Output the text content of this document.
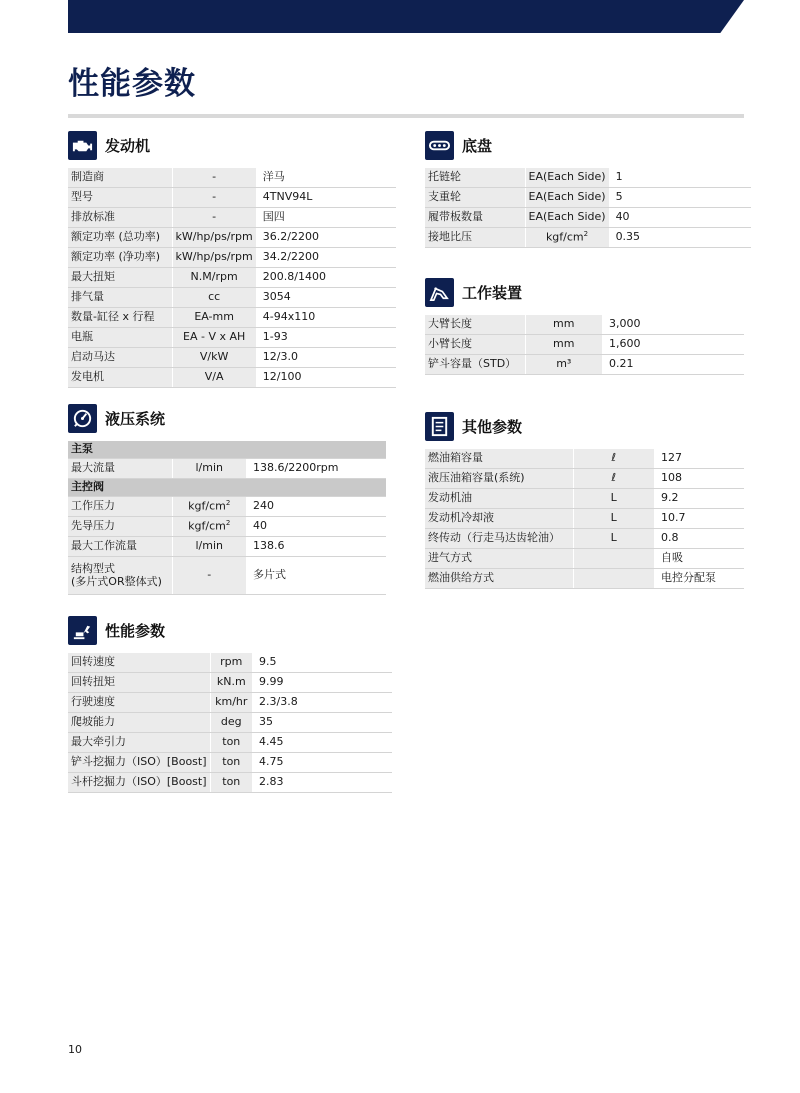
性能参数
发动机
制造商	-	洋马
型号	-	4TNV94L
排放标准	-	国四
额定功率 (总功率)	kW/hp/ps/rpm	36.2/2200
额定功率 (净功率)	kW/hp/ps/rpm	34.2/2200
最大扭矩	N.M/rpm	200.8/1400
排气量	cc	3054
数量-缸径 x 行程	EA-mm	4-94x110
电瓶	EA - V x AH	1-93
启动马达	V/kW	12/3.0
发电机	V/A	12/100
液压系统
主泵		
最大流量	l/min	138.6/2200rpm
主控阀		
工作压力	kgf/$cm^2$	240
先导压力	kgf/$cm^2$	40
最大工作流量	l/min	138.6

结构型式
(多片式OR整体式)	-	多片式
性能参数
回转速度	rpm	9.5
回转扭矩	kN.m	9.99
行驶速度	km/hr	2.3/3.8
爬坡能力	deg	35
最大牵引力	ton	4.45
铲斗挖掘力（ISO）[Boost]	ton	4.75
斗杆挖掘力（ISO）[Boost]	ton	2.83
底盘
托链轮	EA(Each Side)	1
支重轮	EA(Each Side)	5
履带板数量	EA(Each Side)	40
接地比压	kgf/$cm^2$	0.35
工作装置
大臂长度	mm	3,000
小臂长度	mm	1,600
铲斗容量（STD）	m³	0.21
其他参数
燃油箱容量	ℓ	127
液压油箱容量(系统)	ℓ	108
发动机油	L	9.2
发动机冷却液	L	10.7
终传动（行走马达齿轮油）	L	0.8
进气方式		自吸
燃油供给方式		电控分配泵
10
